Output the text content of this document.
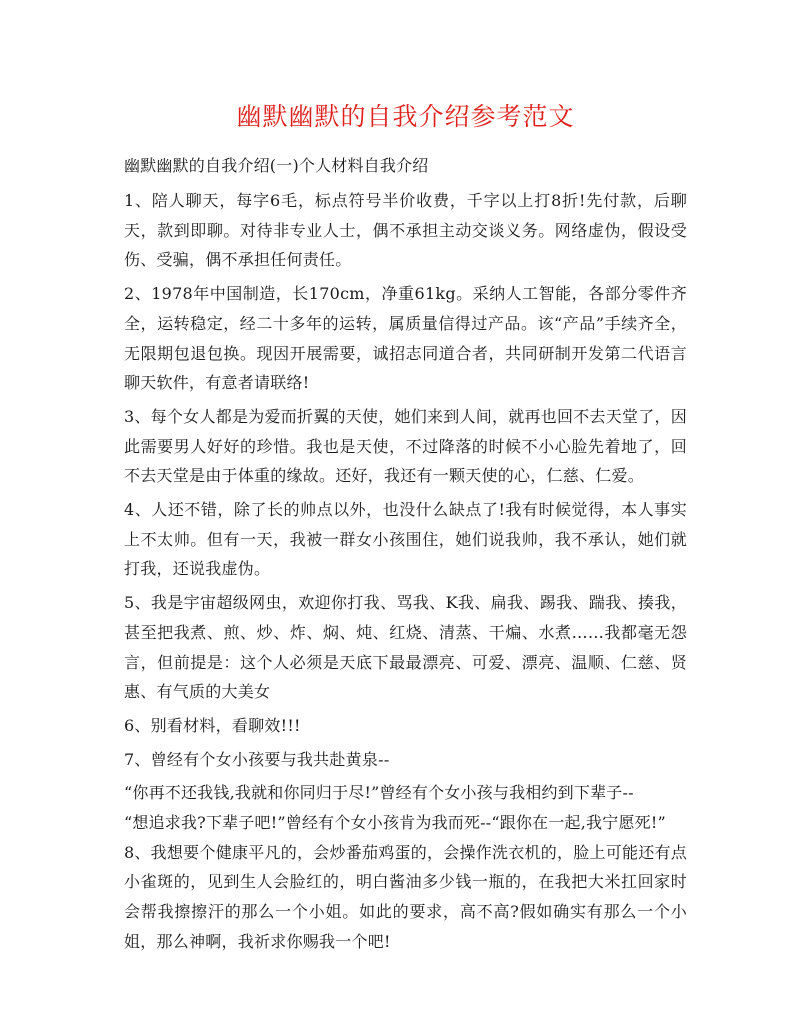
幽默幽默的自我介绍参考范文

幽默幽默的自我介绍(一)个人材料自我介绍

1、陪人聊天，每字6毛，标点符号半价收费，千字以上打8折!先付款，后聊天，款到即聊。对待非专业人士，偶不承担主动交谈义务。网络虚伪，假设受伤、受骗，偶不承担任何责任。

2、1978年中国制造，长170cm，净重61kg。采纳人工智能，各部分零件齐全，运转稳定，经二十多年的运转，属质量信得过产品。该“产品”手续齐全，无限期包退包换。现因开展需要，诚招志同道合者，共同研制开发第二代语言聊天软件，有意者请联络!

3、每个女人都是为爱而折翼的天使，她们来到人间，就再也回不去天堂了，因此需要男人好好的珍惜。我也是天使，不过降落的时候不小心脸先着地了，回不去天堂是由于体重的缘故。还好，我还有一颗天使的心，仁慈、仁爱。

4、人还不错，除了长的帅点以外，也没什么缺点了!我有时候觉得，本人事实上不太帅。但有一天，我被一群女小孩围住，她们说我帅，我不承认，她们就打我，还说我虚伪。

5、我是宇宙超级网虫，欢迎你打我、骂我、K我、扁我、踢我、踹我、揍我，甚至把我煮、煎、炒、炸、焖、炖、红烧、清蒸、干煸、水煮……我都毫无怨言，但前提是：这个人必须是天底下最最漂亮、可爱、漂亮、温顺、仁慈、贤惠、有气质的大美女

6、别看材料，看聊效!!!

7、曾经有个女小孩要与我共赴黄泉--

“你再不还我钱,我就和你同归于尽!”曾经有个女小孩与我相约到下辈子--

“想追求我?下辈子吧!”曾经有个女小孩肯为我而死--“跟你在一起,我宁愿死!”

8、我想要个健康平凡的，会炒番茄鸡蛋的，会操作洗衣机的，脸上可能还有点小雀斑的，见到生人会脸红的，明白酱油多少钱一瓶的，在我把大米扛回家时会帮我擦擦汗的那么一个小姐。如此的要求，高不高?假如确实有那么一个小姐，那么神啊，我祈求你赐我一个吧!
